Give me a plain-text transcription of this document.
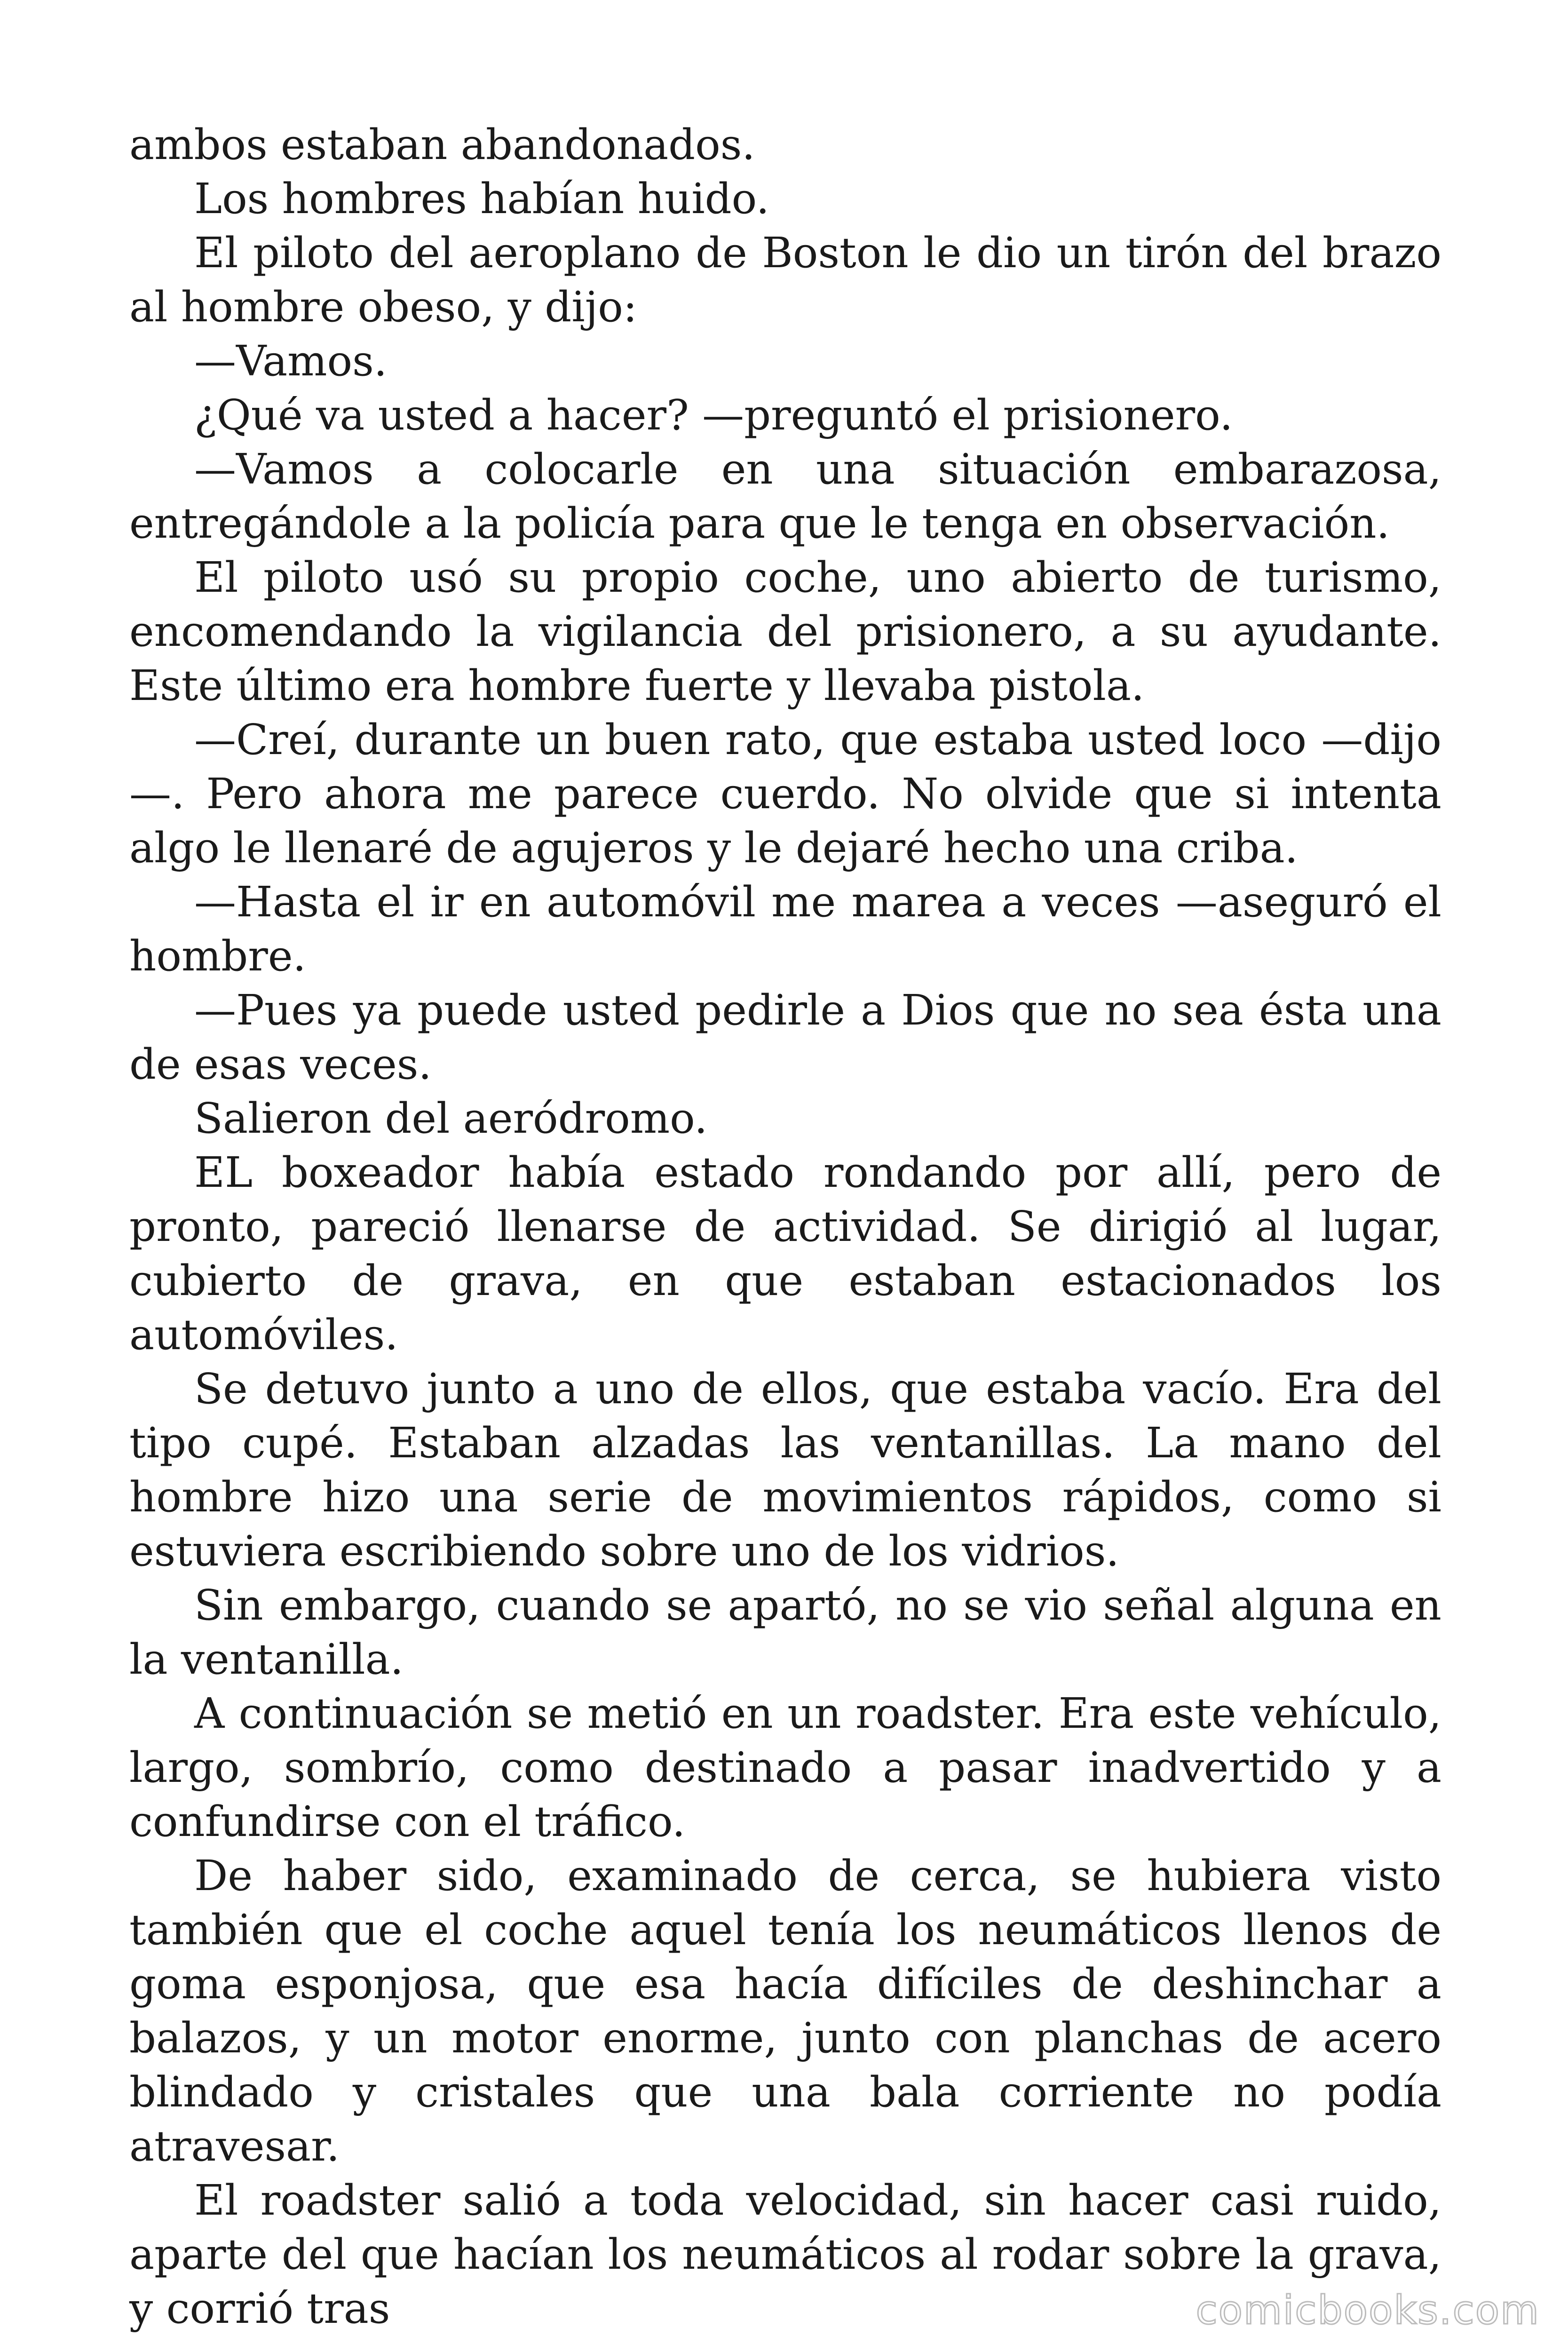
ambos estaban abandonados.

Los hombres habían huido.

El piloto del aeroplano de Boston le dio un tirón del brazo al hombre obeso, y dijo:

—Vamos.

¿Qué va usted a hacer? —preguntó el prisionero.

—Vamos a colocarle en una situación embarazosa, entregándole a la policía para que le tenga en observación.

El piloto usó su propio coche, uno abierto de turismo, encomendando la vigilancia del prisionero, a su ayudante. Este último era hombre fuerte y llevaba pistola.

—Creí, durante un buen rato, que estaba usted loco —dijo—. Pero ahora me parece cuerdo. No olvide que si intenta algo le llenaré de agujeros y le dejaré hecho una criba.

—Hasta el ir en automóvil me marea a veces —aseguró el hombre.

—Pues ya puede usted pedirle a Dios que no sea ésta una de esas veces.

Salieron del aeródromo.

EL boxeador había estado rondando por allí, pero de pronto, pareció llenarse de actividad. Se dirigió al lugar, cubierto de grava, en que estaban estacionados los automóviles.

Se detuvo junto a uno de ellos, que estaba vacío. Era del tipo cupé. Estaban alzadas las ventanillas. La mano del hombre hizo una serie de movimientos rápidos, como si estuviera escribiendo sobre uno de los vidrios.

Sin embargo, cuando se apartó, no se vio señal alguna en la ventanilla.

A continuación se metió en un roadster. Era este vehículo, largo, sombrío, como destinado a pasar inadvertido y a confundirse con el tráfico.

De haber sido, examinado de cerca, se hubiera visto también que el coche aquel tenía los neumáticos llenos de goma esponjosa, que esa hacía difíciles de deshinchar a balazos, y un motor enorme, junto con planchas de acero blindado y cristales que una bala corriente no podía atravesar.

El roadster salió a toda velocidad, sin hacer casi ruido, aparte del que hacían los neumáticos al rodar sobre la grava, y corrió tras	comicbooks.com
